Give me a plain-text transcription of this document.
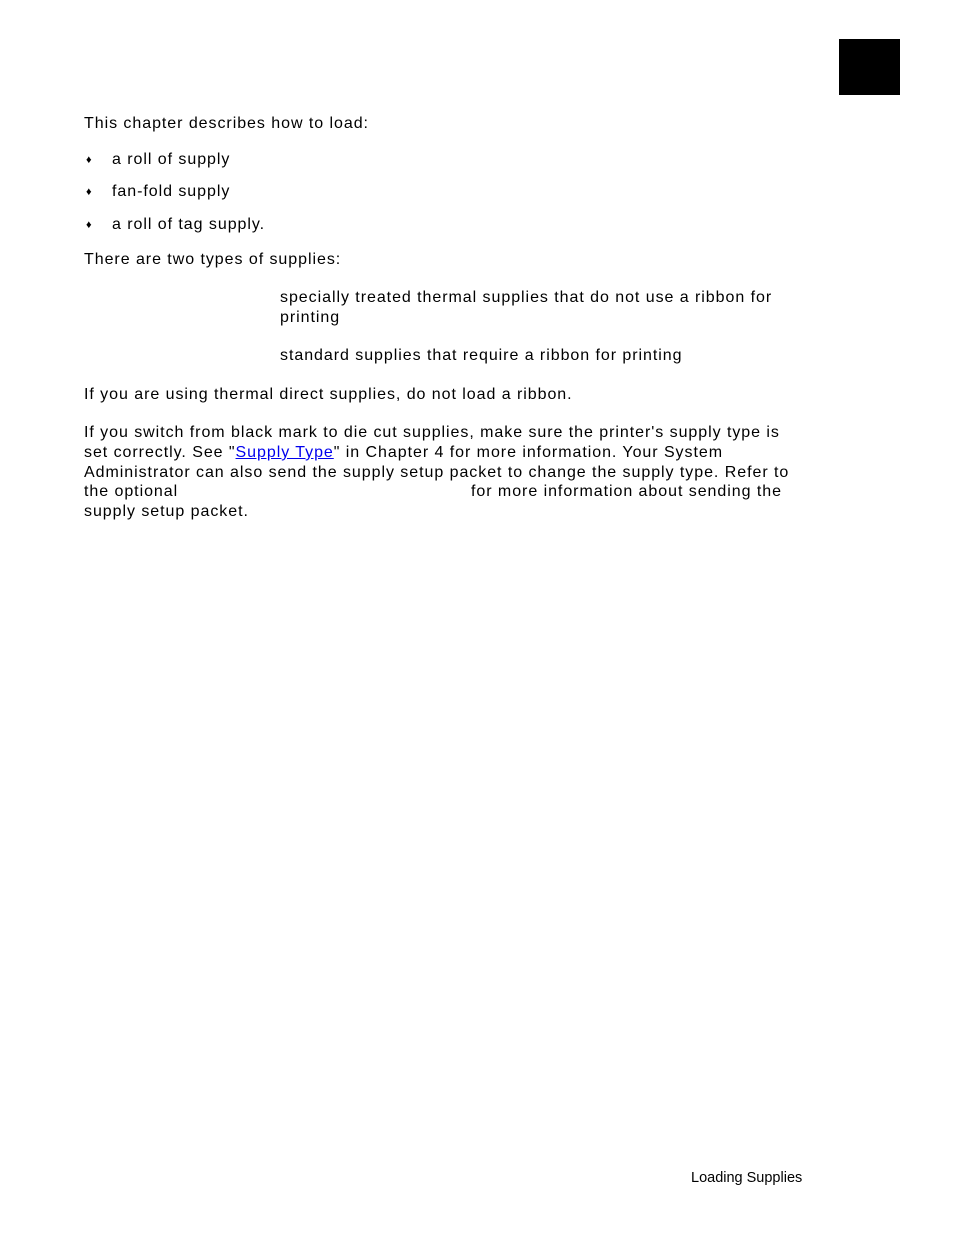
This chapter describes how to load:
♦ a roll of supply
♦ fan-fold supply
♦ a roll of tag supply.
There are two types of supplies:
specially treated thermal supplies that do not use a ribbon for
printing
standard supplies that require a ribbon for printing
If you are using thermal direct supplies, do not load a ribbon.
If you switch from black mark to die cut supplies, make sure the printer's supply type is
set correctly. See "Supply Type" in Chapter 4 for more information. Your System
Administrator can also send the supply setup packet to change the supply type. Refer to
the optional	for more information about sending the
supply setup packet.
Loading Supplies
